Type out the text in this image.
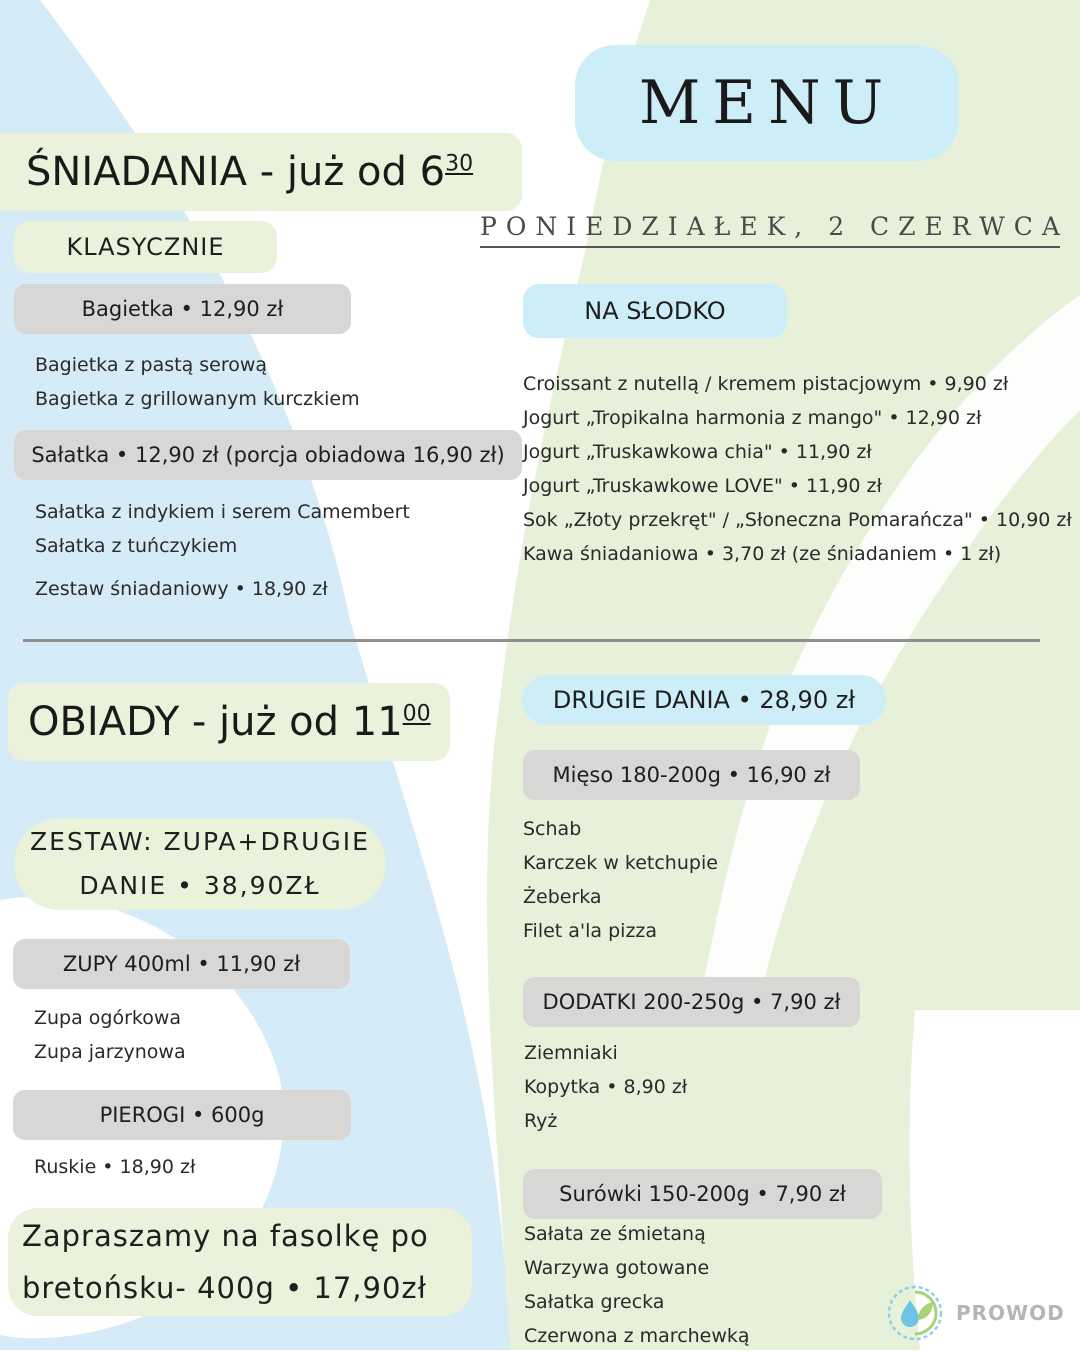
MENU
PONIEDZIAŁEK, 2 CZERWCA
ŚNIADANIA - już od $6^{30}$
KLASYCZNIE
Bagietka • 12,90 zł
Bagietka z pastą serową
Bagietka z grillowanym kurczkiem
Sałatka • 12,90 zł (porcja obiadowa 16,90 zł)
Sałatka z indykiem i serem Camembert
Sałatka z tuńczykiem
Zestaw śniadaniowy • 18,90 zł
NA SŁODKO
Croissant z nutellą / kremem pistacjowym • 9,90 zł
Jogurt „Tropikalna harmonia z mango" • 12,90 zł
Jogurt „Truskawkowa chia" • 11,90 zł
Jogurt „Truskawkowe LOVE" • 11,90 zł
Sok „Złoty przekręt" / „Słoneczna Pomarańcza" • 10,90 zł
Kawa śniadaniowa • 3,70 zł (ze śniadaniem • 1 zł)
OBIADY - już od $11^{00}$
ZESTAW: ZUPA+DRUGIE
DANIE • 38,90ZŁ
ZUPY 400ml • 11,90 zł
Zupa ogórkowa
Zupa jarzynowa
PIEROGI • 600g
Ruskie • 18,90 zł
Zapraszamy na fasolkę po
bretońsku- 400g • 17,90zł
DRUGIE DANIA • 28,90 zł
Mięso 180-200g • 16,90 zł
Schab
Karczek w ketchupie
Żeberka
Filet a'la pizza
DODATKI 200-250g • 7,90 zł
Ziemniaki
Kopytka • 8,90 zł
Ryż
Surówki 150-200g • 7,90 zł
Sałata ze śmietaną
Warzywa gotowane
Sałatka grecka
Czerwona z marchewką
PROWOD
